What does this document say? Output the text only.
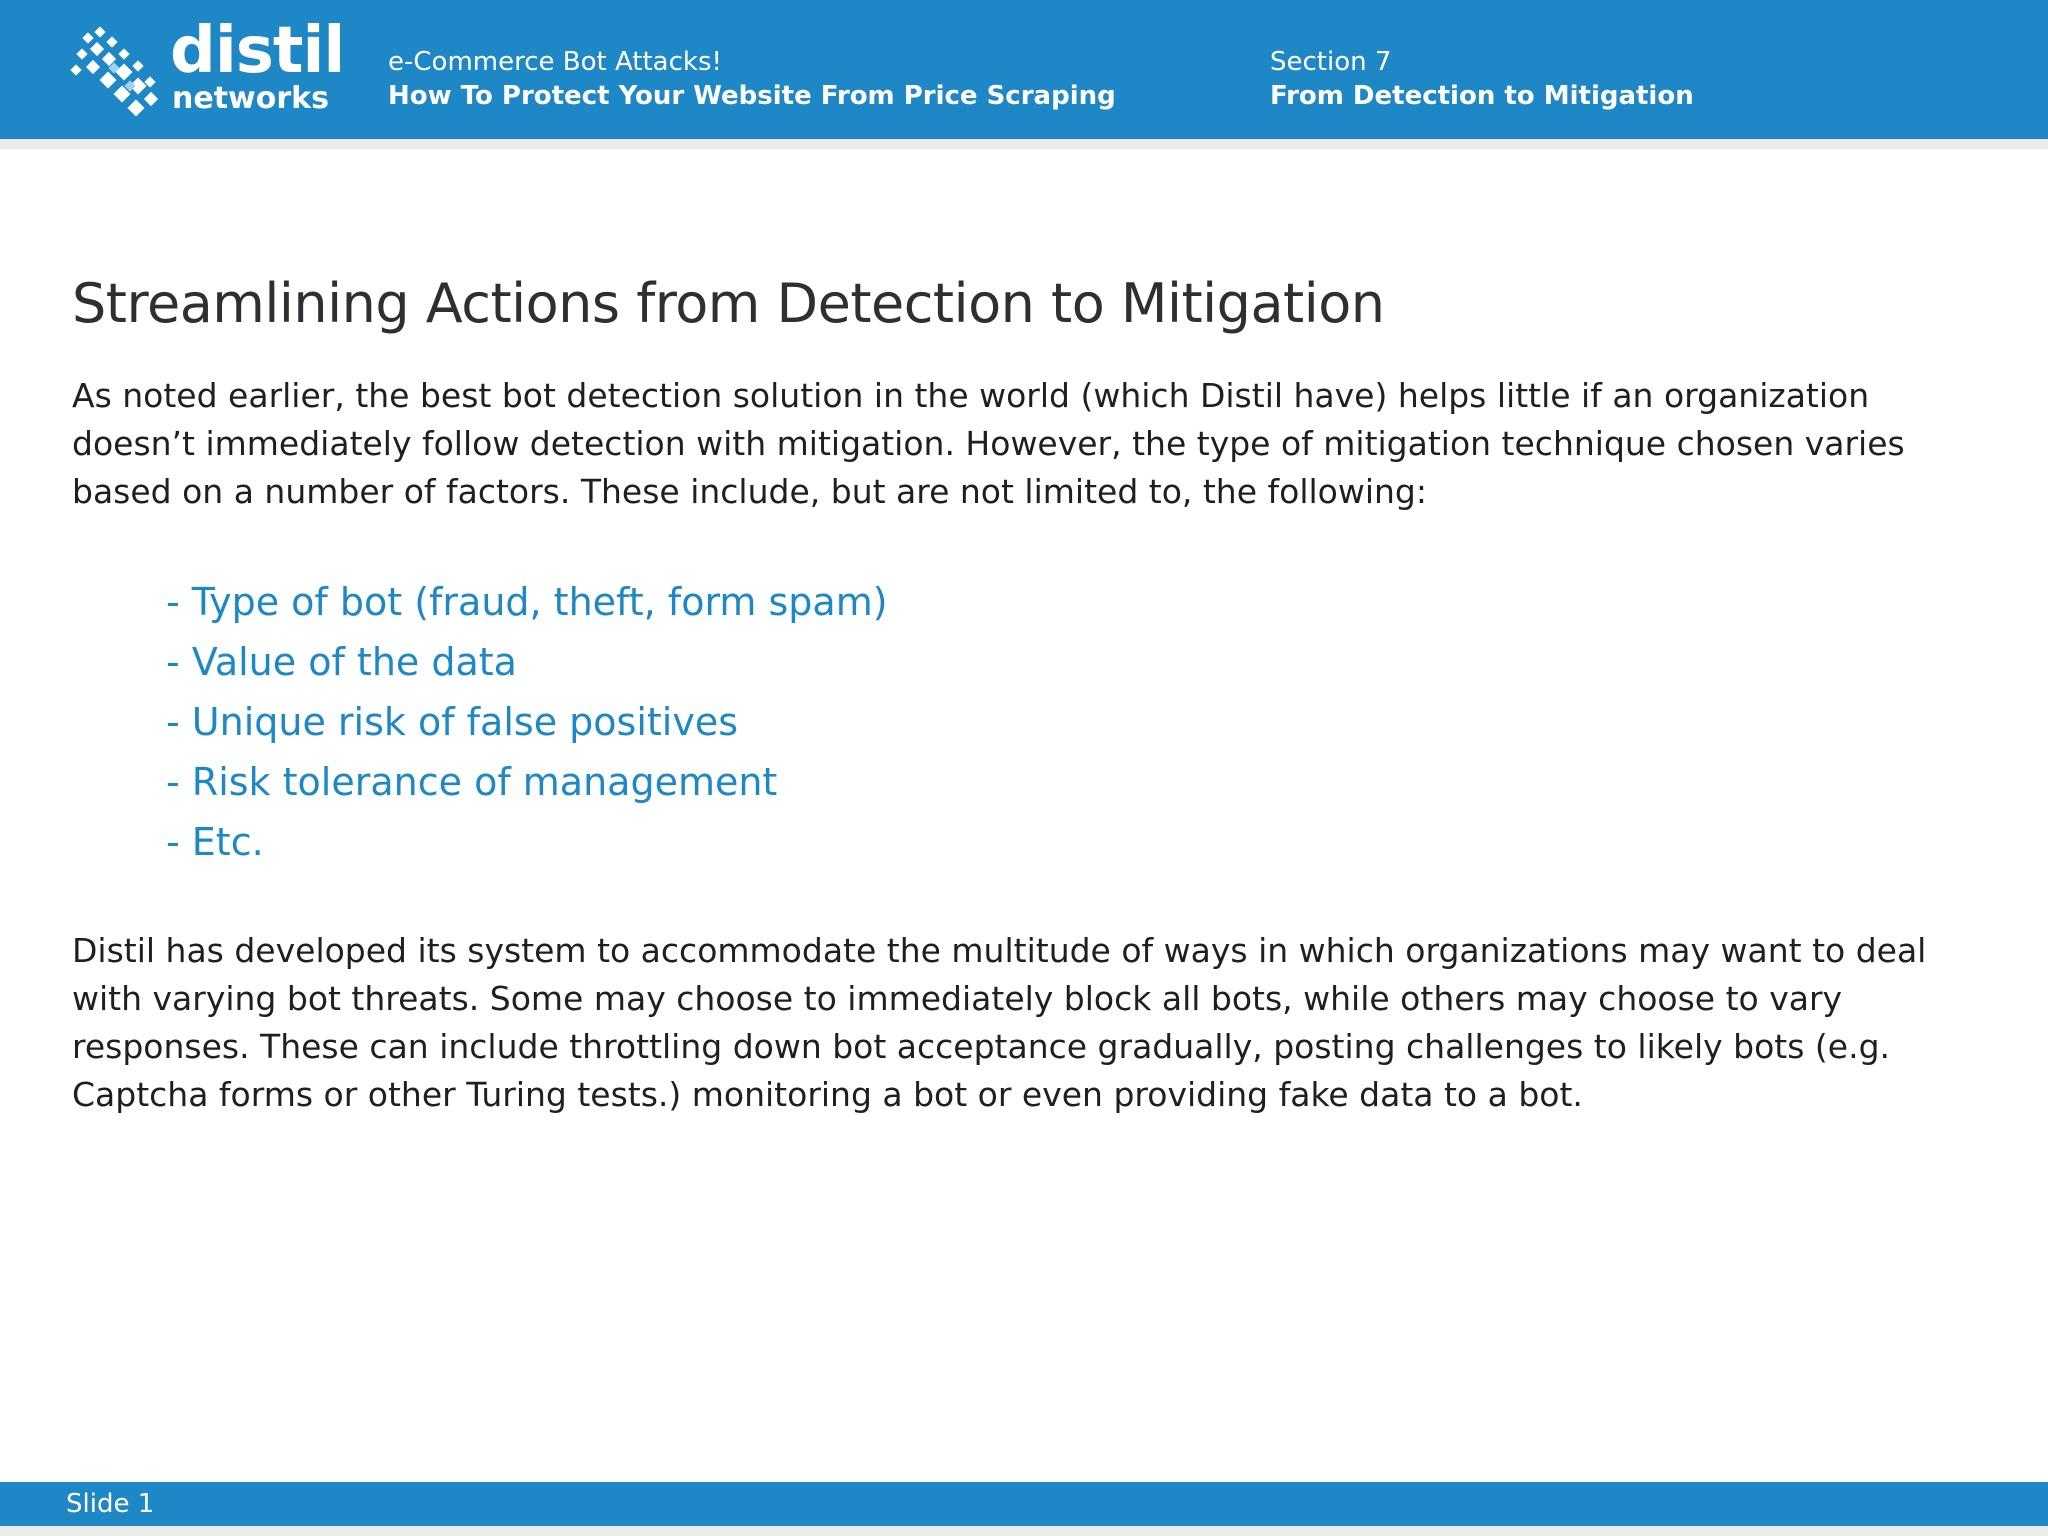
distil
networks
e-Commerce Bot Attacks!
How To Protect Your Website From Price Scraping
Section 7
From Detection to Mitigation
Streamlining Actions from Detection to Mitigation

As noted earlier, the best bot detection solution in the world (which Distil have) helps little if an organization doesn’t immediately follow detection with mitigation. However, the type of mitigation technique chosen varies based on a number of factors. These include, but are not limited to, the following:

- Type of bot (fraud, theft, form spam)
- Value of the data
- Unique risk of false positives
- Risk tolerance of management
- Etc.

Distil has developed its system to accommodate the multitude of ways in which organizations may want to deal with varying bot threats. Some may choose to immediately block all bots, while others may choose to vary responses. These can include throttling down bot acceptance gradually, posting challenges to likely bots (e.g. Captcha forms or other Turing tests.) monitoring a bot or even providing fake data to a bot.

Slide 1
